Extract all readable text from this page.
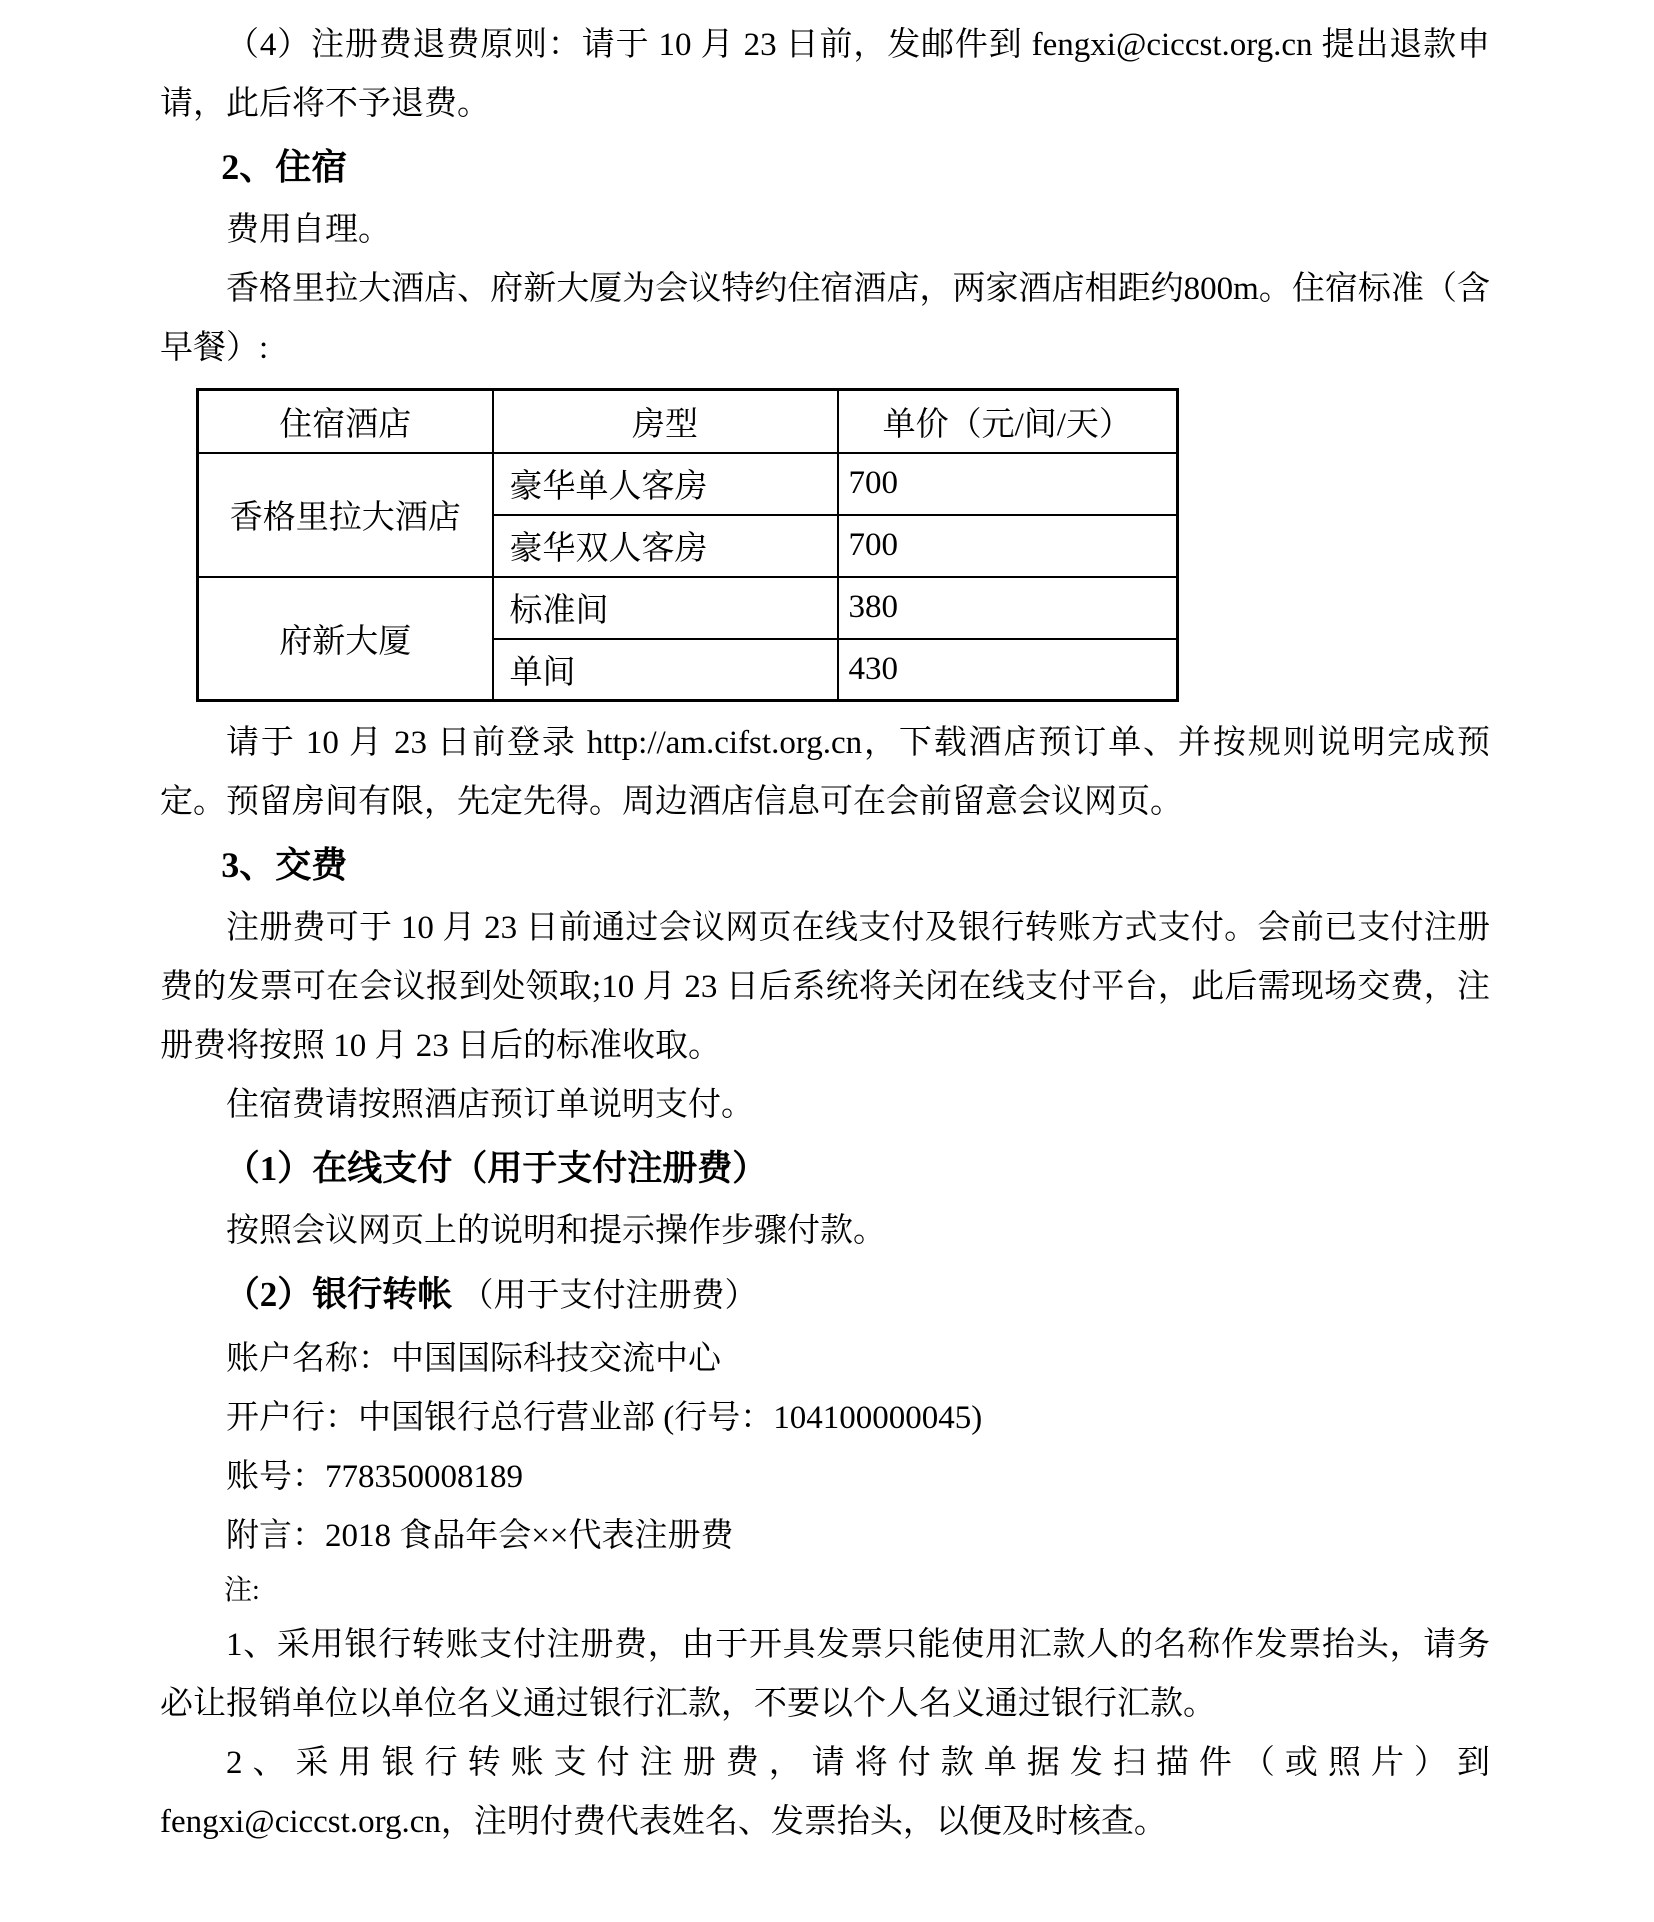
（4）注册费退费原则：请于 10 月 23 日前，发邮件到 fengxi@ciccst.org.cn 提出退款申请，此后将不予退费。

2、住宿

费用自理。

香格里拉大酒店、府新大厦为会议特约住宿酒店，两家酒店相距约800m。住宿标准（含早餐）:

住宿酒店	房型	单价（元/间/天）
香格里拉大酒店	豪华单人客房	700
	豪华双人客房	700
府新大厦	标准间	380
	单间	430

请于 10 月 23 日前登录 http://am.cifst.org.cn，下载酒店预订单、并按规则说明完成预定。预留房间有限，先定先得。周边酒店信息可在会前留意会议网页。

3、交费

注册费可于 10 月 23 日前通过会议网页在线支付及银行转账方式支付。会前已支付注册费的发票可在会议报到处领取;10 月 23 日后系统将关闭在线支付平台，此后需现场交费，注册费将按照 10 月 23 日后的标准收取。

住宿费请按照酒店预订单说明支付。

（1）在线支付（用于支付注册费）

按照会议网页上的说明和提示操作步骤付款。

（2）银行转帐 （用于支付注册费）

账户名称：中国国际科技交流中心

开户行：中国银行总行营业部 (行号：104100000045)

账号：778350008189

附言：2018 食品年会××代表注册费

注:

1、采用银行转账支付注册费，由于开具发票只能使用汇款人的名称作发票抬头，请务必让报销单位以单位名义通过银行汇款，不要以个人名义通过银行汇款。

2、采用银行转账支付注册费，请将付款单据发扫描件（或照片）到fengxi@ciccst.org.cn，注明付费代表姓名、发票抬头，以便及时核查。
